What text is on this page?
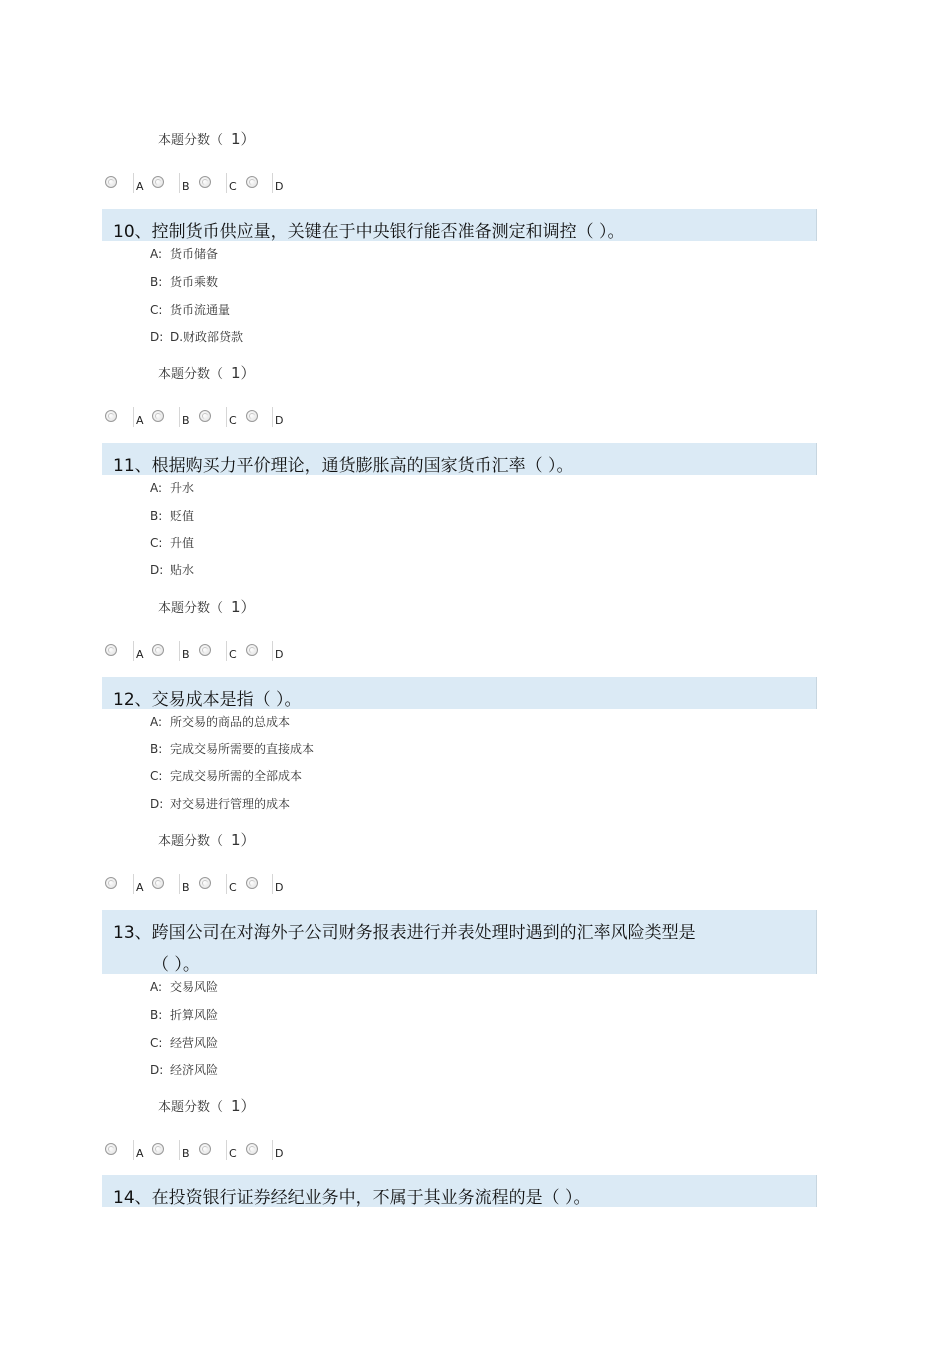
本题分数（ 1）
A	B	C	D
10、控制货币供应量，关键在于中央银行能否准备测定和调控（ ）。
A: 货币储备
B: 货币乘数
C: 货币流通量
D: D.财政部贷款
本题分数（ 1）
A	B	C	D
11、根据购买力平价理论，通货膨胀高的国家货币汇率（ ）。
A: 升水
B: 贬值
C: 升值
D: 贴水
本题分数（ 1）
A	B	C	D
12、交易成本是指（ ）。
A: 所交易的商品的总成本
B: 完成交易所需要的直接成本
C: 完成交易所需的全部成本
D: 对交易进行管理的成本
本题分数（ 1）
A	B	C	D
13、跨国公司在对海外子公司财务报表进行并表处理时遇到的汇率风险类型是
（ ）。
A: 交易风险
B: 折算风险
C: 经营风险
D: 经济风险
本题分数（ 1）
A	B	C	D
14、在投资银行证券经纪业务中，不属于其业务流程的是（ ）。
